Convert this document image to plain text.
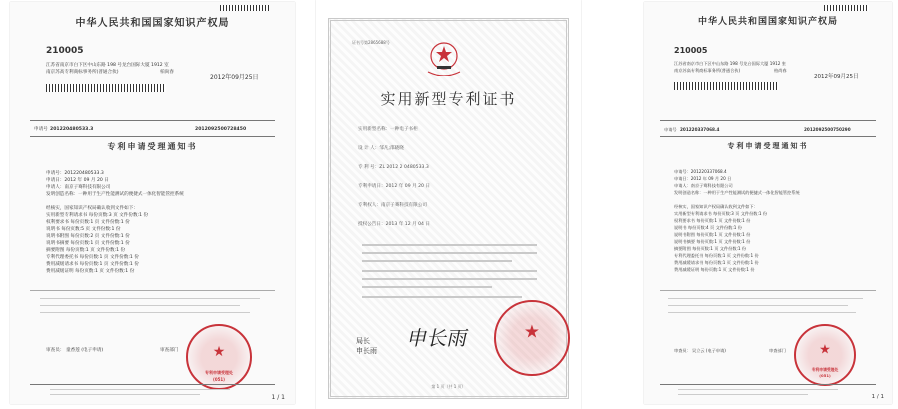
中华人民共和国国家知识产权局
210005
江苏省南京市白下区中山东路 198 号龙台国际大厦 1912 室
南京苏高专利商标事务所(普通合伙)	柏尚春
2012年09月25日
申请号 201220480533.3	2012092500728450
专利申请受理通知书
申请号：201220480533.3
申请日：2012 年 09 月 20 日
申请人：南京子骞科技有限公司
发明创造名称：一种用于生产性能测试的便捷式一体化智能管控系统
经核实，国家知识产权局确认收到文件如下：
实用新型专利请求书 每份页数:3 页 文件份数:1 份
权利要求书 每份页数:1 页 文件份数:1 份
说明书 每份页数:5 页 文件份数:1 份
说明书附图 每份页数:2 页 文件份数:1 份
说明书摘要 每份页数:1 页 文件份数:1 份
摘要附图 每份页数:1 页 文件份数:1 份
专利代理委托书 每份页数:1 页 文件份数:1 份
费用减缓请求书 每份页数:1 页 文件份数:1 份
费用减缓证明 每份页数:1 页 文件份数:1 份
★
专利申请受理处
(051)
审查员： 童香莲 (电子申请)	审查部门
1 / 1
证书号第2865688号
实用新型专利证书
实用新型名称：一种电子书柜
设 计 人：邹凡;邵晓晓
专 利 号：ZL 2012 2 0480533.3
专利申请日：2012 年 09 月 20 日
专利权人：南京子骞科技有限公司
授权公告日：2013 年 12 月 04 日
局长
申长雨
申长雨	★
第 1 页（共 1 页）
中华人民共和国国家知识产权局
210005
江苏省南京市白下区中山东路 198 号龙台国际大厦 1912 室
南京苏高专利商标事务所(普通合伙)	柏尚春
2012年09月25日
申请号 201220337068.4	2012092500750290
专利申请受理通知书
申请号：201220337068.4
申请日：2012 年 09 月 20 日
申请人：南京子骞科技有限公司
发明创造名称：一种用于生产性能测试的便捷式一体化智能管控系统
经核实，国家知识产权局确认收到文件如下：
实用新型专利请求书 每份页数:3 页 文件份数:1 份
权利要求书 每份页数:1 页 文件份数:1 份
说明书 每份页数:4 页 文件份数:1 份
说明书附图 每份页数:1 页 文件份数:1 份
说明书摘要 每份页数:1 页 文件份数:1 份
摘要附图 每份页数:1 页 文件份数:1 份
专利代理委托书 每份页数:1 页 文件份数:1 份
费用减缓请求书 每份页数:1 页 文件份数:1 份
费用减缓证明 每份页数:1 页 文件份数:1 份
★
专利申请受理处
(051)
审查员： 吴立云 (电子申请)	审查部门
1 / 1
